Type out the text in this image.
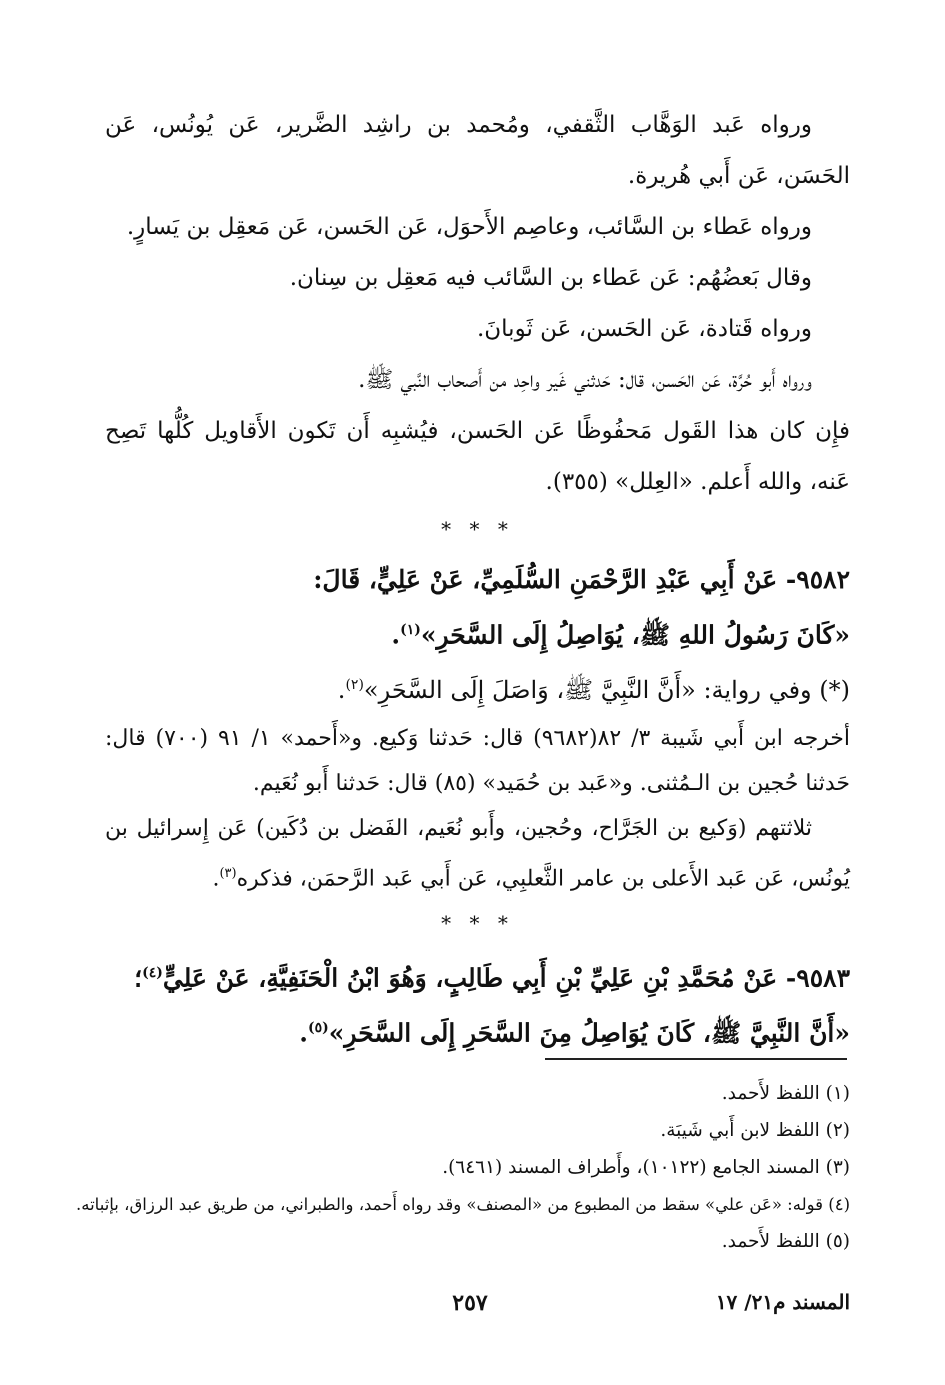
ورواه عَبد الوَهَّاب الثَّقفي، ومُحمد بن راشِد الضَّرير، عَن يُونُس، عَن الحَسَن، عَن أَبي هُريرة.

ورواه عَطاء بن السَّائب، وعاصِم الأَحوَل، عَن الحَسن، عَن مَعقِل بن يَسارٍ.

وقال بَعضُهُم: عَن عَطاء بن السَّائب فيه مَعقِل بن سِنان.

ورواه قَتادة، عَن الحَسن، عَن ثَوبانَ.

ورواه أَبو حُرَّة، عَن الحَسن، قال: حَدثني غَير واحِد من أَصحاب النَّبي ﷺ.

فإِن كان هذا القَول مَحفُوظًا عَن الحَسن، فيُشبِه أَن تَكون الأَقاويل كُلُّها تَصِح عَنه، والله أَعلم. «العِلل» (٣٥٥).

* * *

٩٥٨٢- عَنْ أَبِي عَبْدِ الرَّحْمَنِ السُّلَمِيِّ، عَنْ عَلِيٍّ، قَالَ:

«كَانَ رَسُولُ اللهِ ﷺ، يُوَاصِلُ إِلَى السَّحَرِ»$^{(١)}$.

(*) وفي رواية: «أَنَّ النَّبِيَّ ﷺ، وَاصَلَ إِلَى السَّحَرِ»$^{(٢)}$.

أخرجه ابن أَبي شَيبة ٣/ ٨٢(٩٦٨٢) قال: حَدثنا وَكيع. و«أَحمد» ١/ ٩١ (٧٠٠) قال: حَدثنا حُجين بن الـمُثنى. و«عَبد بن حُمَيد» (٨٥) قال: حَدثنا أَبو نُعَيم.

ثلاثتهم (وَكيع بن الجَرَّاح، وحُجين، وأَبو نُعَيم، الفَضل بن دُكَين) عَن إِسرائيل بن يُونُس، عَن عَبد الأَعلى بن عامر الثَّعلبِي، عَن أَبي عَبد الرَّحمَن، فذكره$^{(٣)}$.

* * *

٩٥٨٣- عَنْ مُحَمَّدِ بْنِ عَلِيِّ بْنِ أَبِي طَالِبٍ، وَهُوَ ابْنُ الْحَنَفِيَّةِ، عَنْ عَلِيٍّ$^{(٤)}$؛

«أَنَّ النَّبِيَّ ﷺ، كَانَ يُوَاصِلُ مِنَ السَّحَرِ إِلَى السَّحَرِ»$^{(٥)}$.

(١) اللفظ لأَحمد.

(٢) اللفظ لابن أَبي شَيبَة.

(٣) المسند الجامع (١٠١٢٢)، وأَطراف المسند (٦٤٦١).

(٤) قوله: «عَن علي» سقط من المطبوع من «المصنف» وقد رواه أَحمد، والطبراني، من طريق عبد الرزاق، بإثباته.

(٥) اللفظ لأَحمد.

٢٥٧	المسند م٢١/ ١٧
